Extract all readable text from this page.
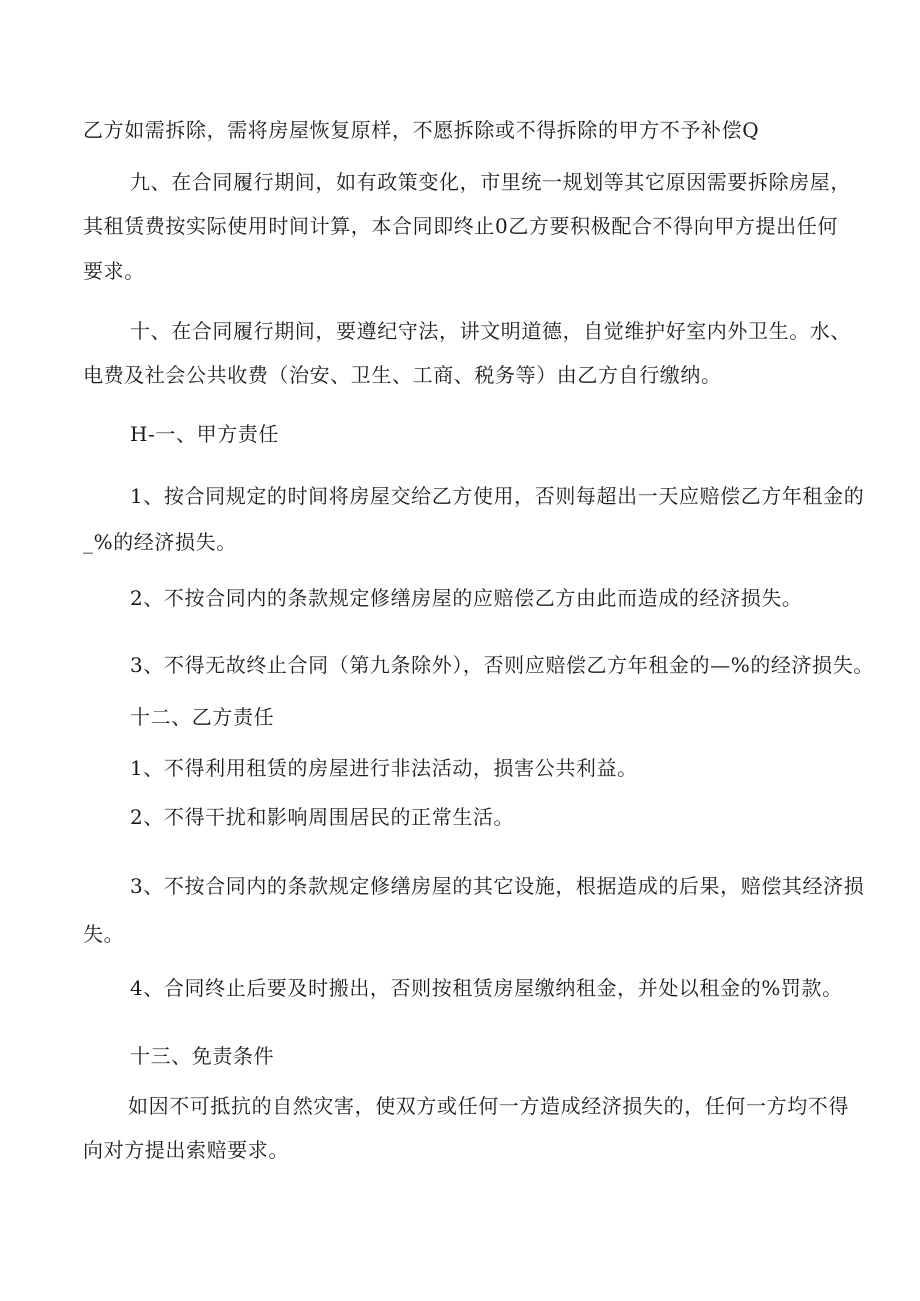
乙方如需拆除，需将房屋恢复原样，不愿拆除或不得拆除的甲方不予补偿Q

九、在合同履行期间，如有政策变化，市里统一规划等其它原因需要拆除房屋，

其租赁费按实际使用时间计算，本合同即终止0乙方要积极配合不得向甲方提出任何

要求。

十、在合同履行期间，要遵纪守法，讲文明道德，自觉维护好室内外卫生。水、

电费及社会公共收费（治安、卫生、工商、税务等）由乙方自行缴纳。

H-一、甲方责任

1、按合同规定的时间将房屋交给乙方使用，否则每超出一天应赔偿乙方年租金的

_%的经济损失。

2、不按合同内的条款规定修缮房屋的应赔偿乙方由此而造成的经济损失。

3、不得无故终止合同（第九条除外），否则应赔偿乙方年租金的—%的经济损失。

十二、乙方责任

1、不得利用租赁的房屋进行非法活动，损害公共利益。

2、不得干扰和影响周围居民的正常生活。

3、不按合同内的条款规定修缮房屋的其它设施，根据造成的后果，赔偿其经济损

失。

4、合同终止后要及时搬出，否则按租赁房屋缴纳租金，并处以租金的%罚款。

十三、免责条件

如因不可抵抗的自然灾害，使双方或任何一方造成经济损失的，任何一方均不得

向对方提出索赔要求。
